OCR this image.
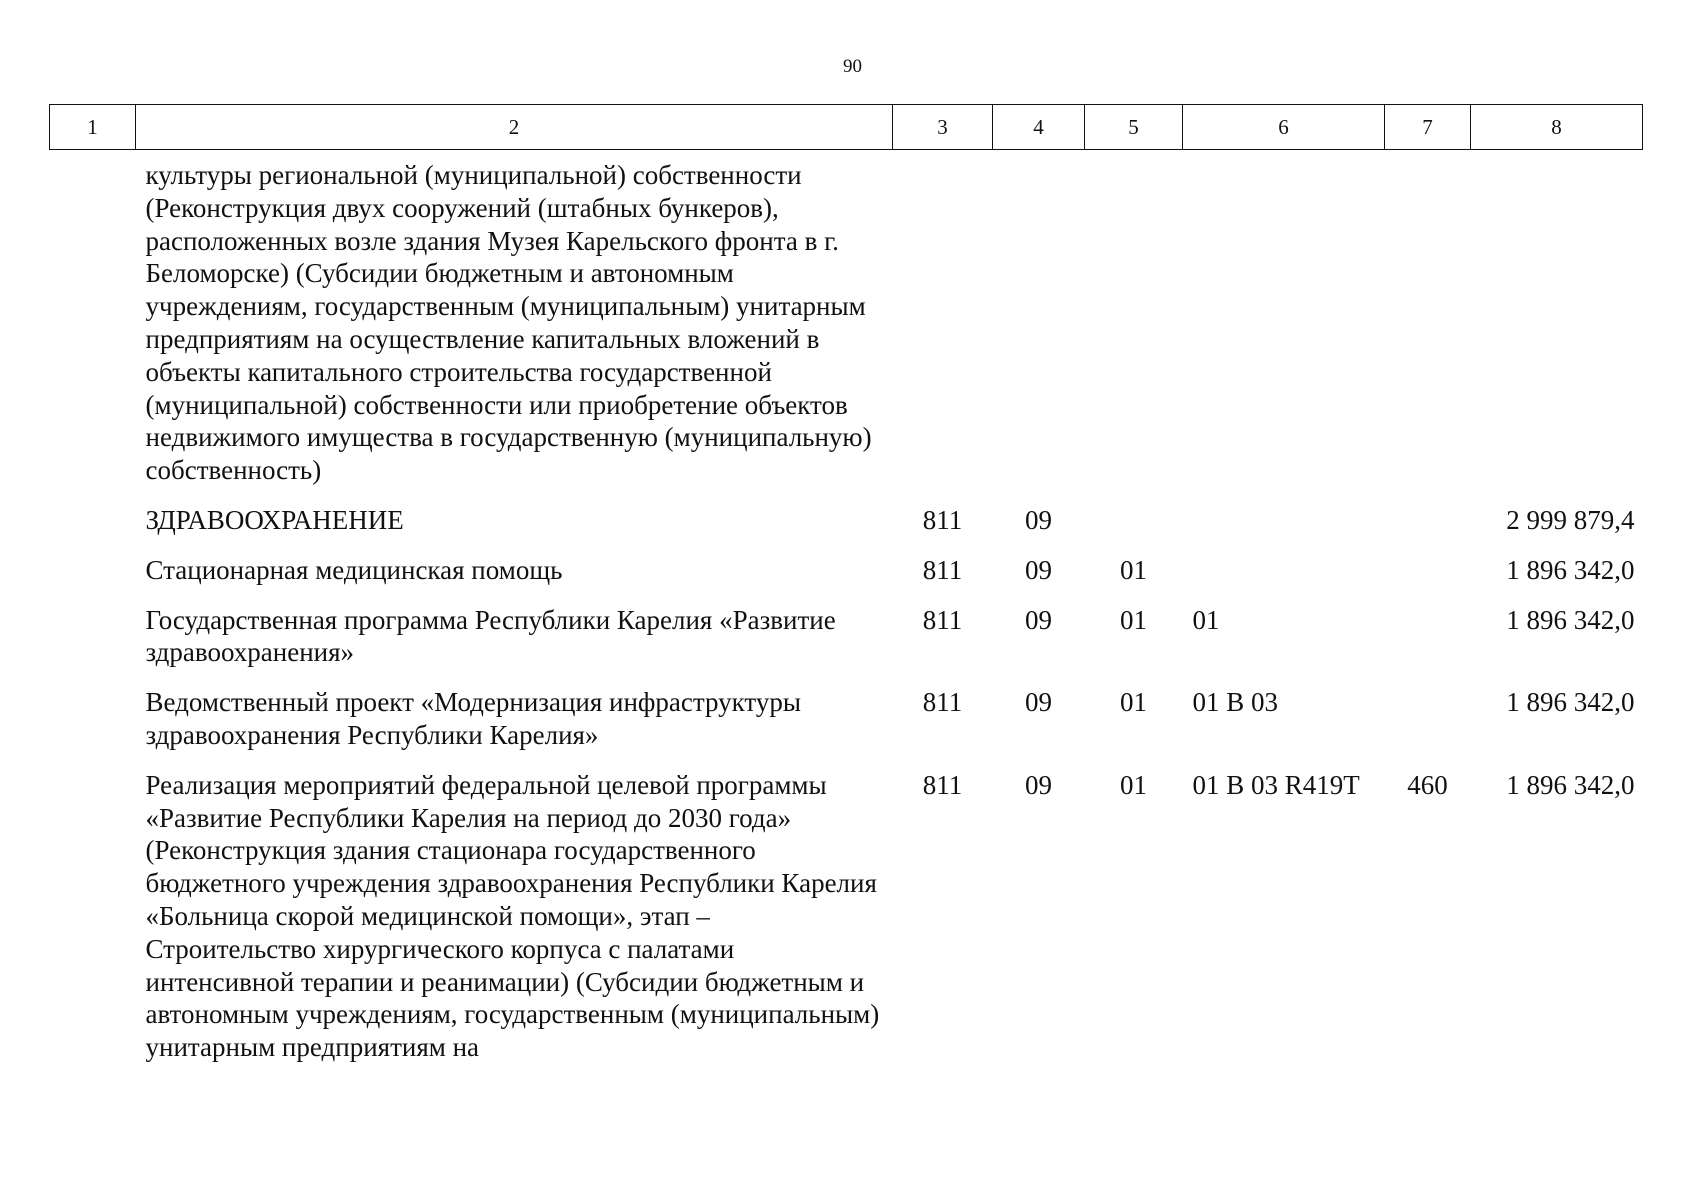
90
1	2	3	4	5	6	7	8
	культуры региональной (муниципальной) собственности (Реконструкция двух сооружений (штабных бункеров), расположенных возле здания Музея Карельского фронта в г. Беломорске) (Субсидии бюджетным и автономным учреждениям, государственным (муниципальным) унитарным предприятиям на осуществление капитальных вложений в объекты капитального строительства государственной (муниципальной) собственности или приобретение объектов недвижимого имущества в государственную (муниципальную) собственность)						
	ЗДРАВООХРАНЕНИЕ	811	09				2 999 879,4
	Стационарная медицинская помощь	811	09	01			1 896 342,0
	Государственная программа Республики Карелия «Развитие здравоохранения»	811	09	01	01		1 896 342,0
	Ведомственный проект «Модернизация инфраструктуры здравоохранения Республики Карелия»	811	09	01	01 В 03		1 896 342,0
	Реализация мероприятий федеральной целевой программы «Развитие Республики Карелия на период до 2030 года» (Реконструкция здания стационара государственного бюджетного учреждения здравоохранения Республики Карелия «Больница скорой медицинской помощи», этап – Строительство хирургического корпуса с палатами интенсивной терапии и реанимации) (Субсидии бюджетным и автономным учреждениям, государственным (муниципальным) унитарным предприятиям на	811	09	01	01 В 03 R419Т	460	1 896 342,0
